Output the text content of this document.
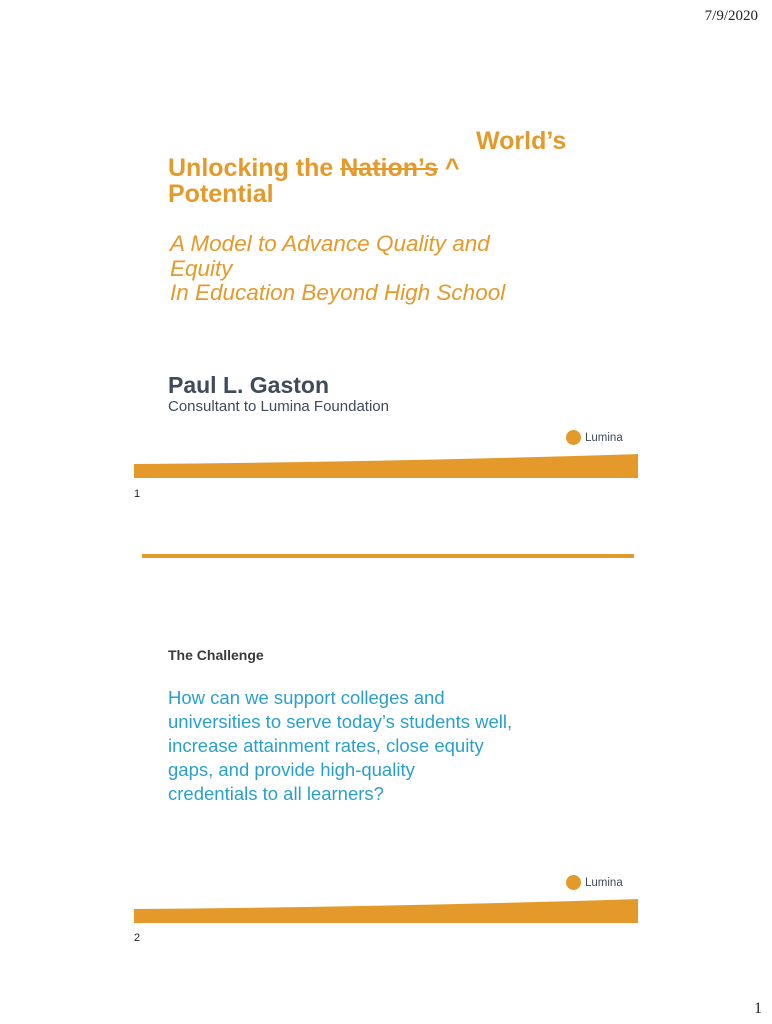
7/9/2020
World’s
Unlocking the Nation’s ^
Potential
A Model to Advance Quality and
Equity
In Education Beyond High School
Paul L. Gaston
Consultant to Lumina Foundation
Lumina
1
The Challenge
How can we support colleges and
universities to serve today’s students well,
increase attainment rates, close equity
gaps, and provide high-quality
credentials to all learners?
Lumina
2
1
